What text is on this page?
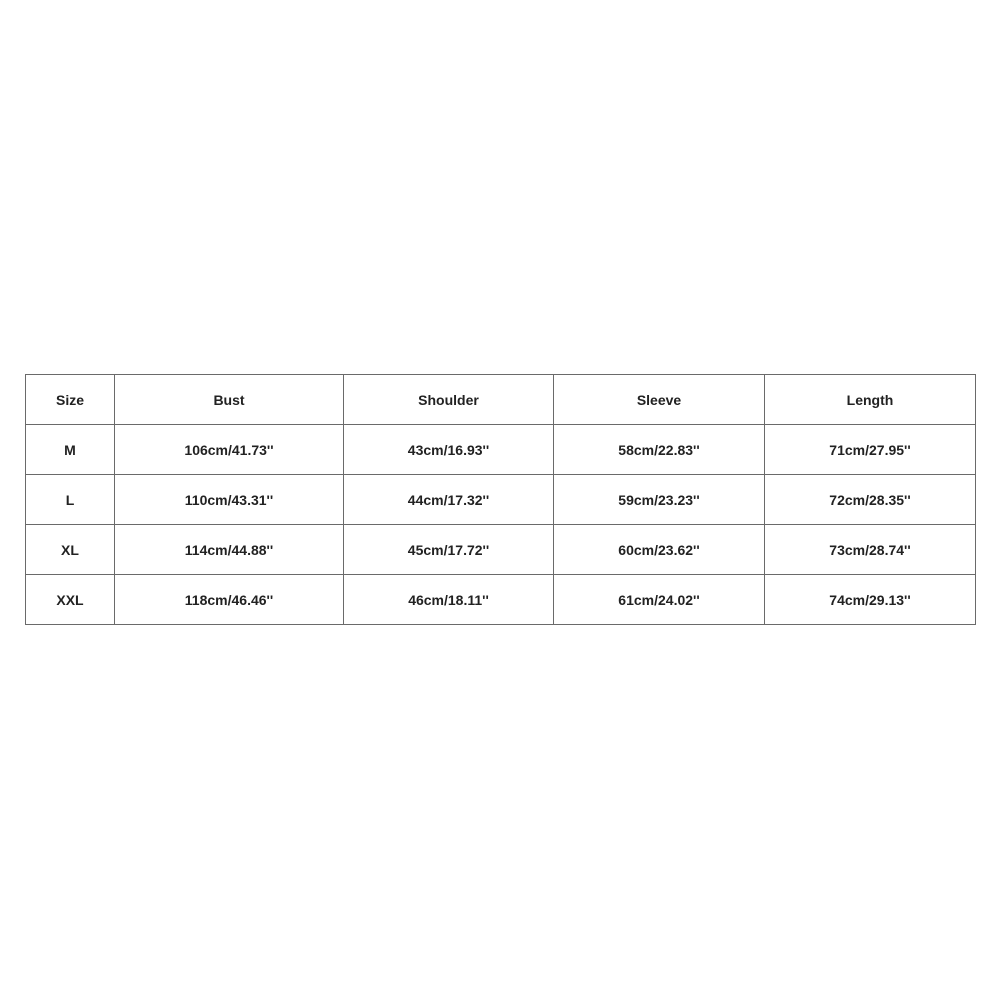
Size	Bust	Shoulder	Sleeve	Length
M	106cm/41.73''	43cm/16.93''	58cm/22.83''	71cm/27.95''
L	110cm/43.31''	44cm/17.32''	59cm/23.23''	72cm/28.35''
XL	114cm/44.88''	45cm/17.72''	60cm/23.62''	73cm/28.74''
XXL	118cm/46.46''	46cm/18.11''	61cm/24.02''	74cm/29.13''
